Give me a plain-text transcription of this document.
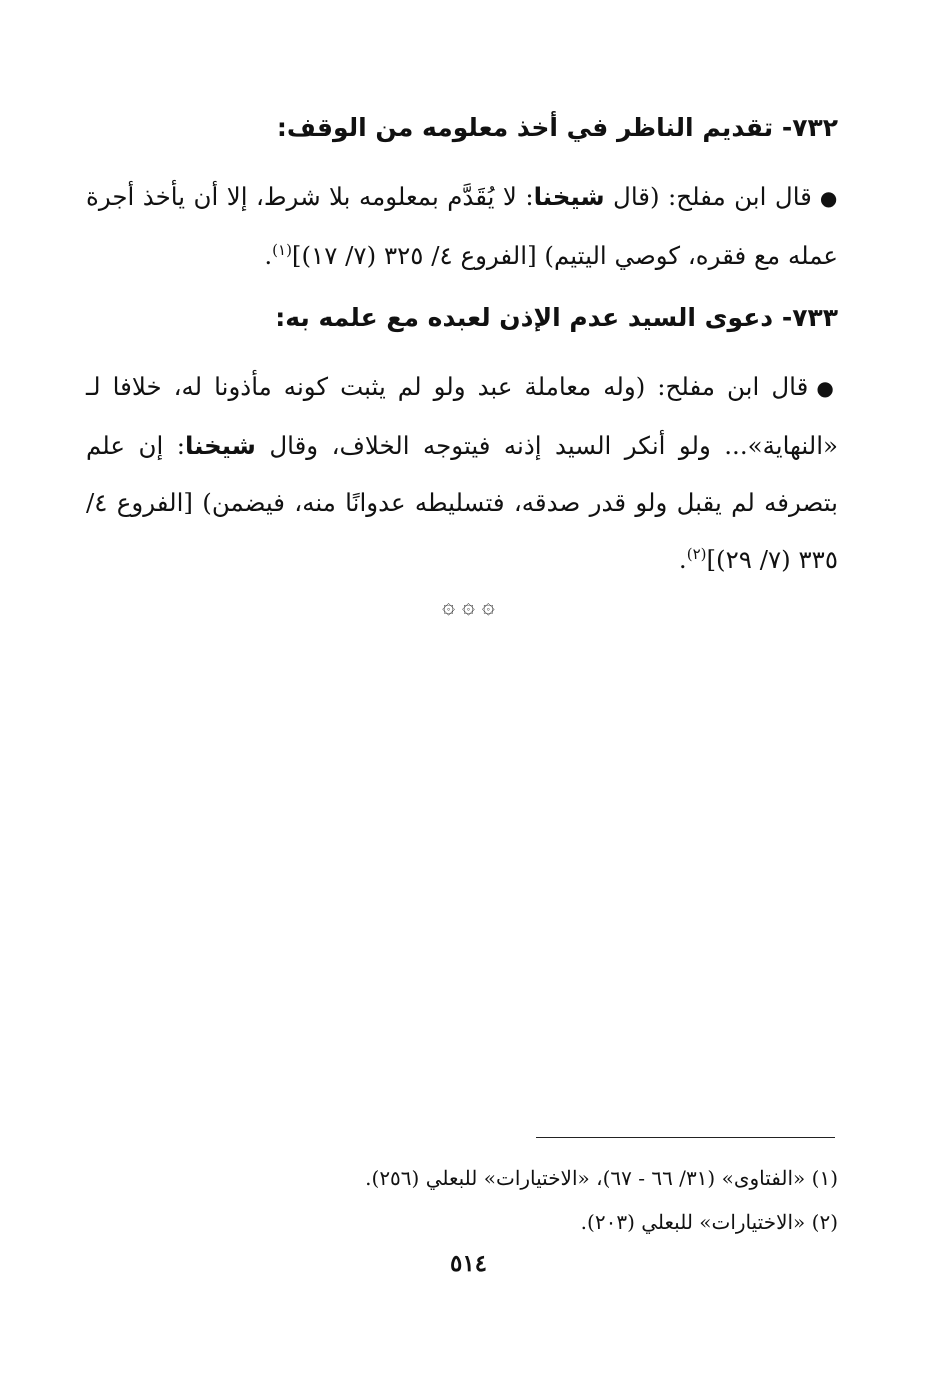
٧٣٢- تقديم الناظر في أخذ معلومه من الوقف:

●قال ابن مفلح: (قال شيخنا: لا يُقَدَّم بمعلومه بلا شرط، إلا أن يأخذ أجرة عمله مع فقره، كوصي اليتيم) [الفروع ٤/ ٣٢٥ (٧/ ١٧)]$^{(١)}$.

٧٣٣- دعوى السيد عدم الإذن لعبده مع علمه به:

●قال ابن مفلح: (وله معاملة عبد ولو لم يثبت كونه مأذونا له، خلافا لـ «النهاية»... ولو أنكر السيد إذنه فيتوجه الخلاف، وقال شيخنا: إن علم بتصرفه لم يقبل ولو قدر صدقه، فتسليطه عدوانًا منه، فيضمن) [الفروع ٤/ ٣٣٥ (٧/ ٢٩)]$^{(٢)}$.

۞ ۞ ۞

(١) «الفتاوى» (٣١/ ٦٦ - ٦٧)، «الاختيارات» للبعلي (٢٥٦).

(٢) «الاختيارات» للبعلي (٢٠٣).

٥١٤
